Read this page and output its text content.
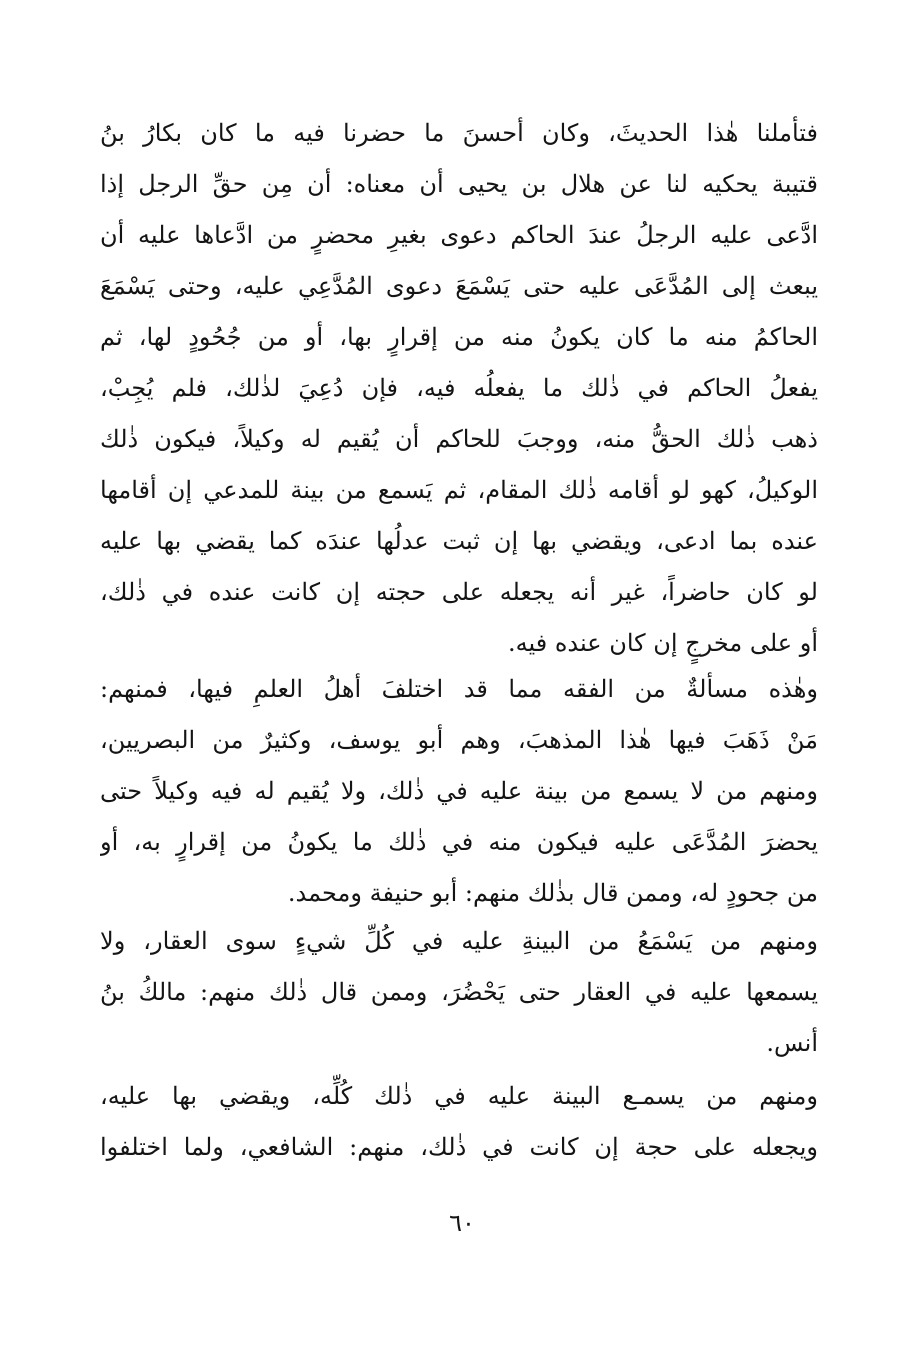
فتأملنا هٰذا الحديثَ، وكان أحسنَ ما حضرنا فيه ما كان بكارُ بنُ
قتيبة يحكيه لنا عن هلال بن يحيى أن معناه: أن مِن حقِّ الرجل إذا
ادَّعى عليه الرجلُ عندَ الحاكم دعوى بغيرِ محضرٍ من ادَّعاها عليه أن
يبعث إلى المُدَّعَى عليه حتى يَسْمَعَ دعوى المُدَّعِي عليه، وحتى يَسْمَعَ
الحاكمُ منه ما كان يكونُ منه من إقرارٍ بها، أو من جُحُودٍ لها، ثم
يفعلُ الحاكم في ذٰلك ما يفعلُه فيه، فإن دُعِيَ لذٰلك، فلم يُجِبْ،
ذهب ذٰلك الحقُّ منه، ووجبَ للحاكم أن يُقيم له وكيلاً، فيكون ذٰلك
الوكيلُ، كهو لو أقامه ذٰلك المقام، ثم يَسمع من بينة للمدعي إن أقامها
عنده بما ادعى، ويقضي بها إن ثبت عدلُها عندَه كما يقضي بها عليه
لو كان حاضراً، غير أنه يجعله على حجته إن كانت عنده في ذٰلك،
أو على مخرجٍ إن كان عنده فيه.
وهٰذه مسألةٌ من الفقه مما قد اختلفَ أهلُ العلمِ فيها، فمنهم:
مَنْ ذَهَبَ فيها هٰذا المذهبَ، وهم أبو يوسف، وكثيرٌ من البصريين،
ومنهم من لا يسمع من بينة عليه في ذٰلك، ولا يُقيم له فيه وكيلاً حتى
يحضرَ المُدَّعَى عليه فيكون منه في ذٰلك ما يكونُ من إقرارٍ به، أو
من جحودٍ له، وممن قال بذٰلك منهم: أبو حنيفة ومحمد.
ومنهم من يَسْمَعُ من البينةِ عليه في كُلِّ شيءٍ سوى العقار، ولا
يسمعها عليه في العقار حتى يَحْضُرَ، وممن قال ذٰلك منهم: مالكُ بنُ
أنس.
ومنهم من يسمـع البينة عليه في ذٰلك كُلِّه، ويقضي بها عليه،
ويجعله على حجة إن كانت في ذٰلك، منهم: الشافعي، ولما اختلفوا
٦٠
